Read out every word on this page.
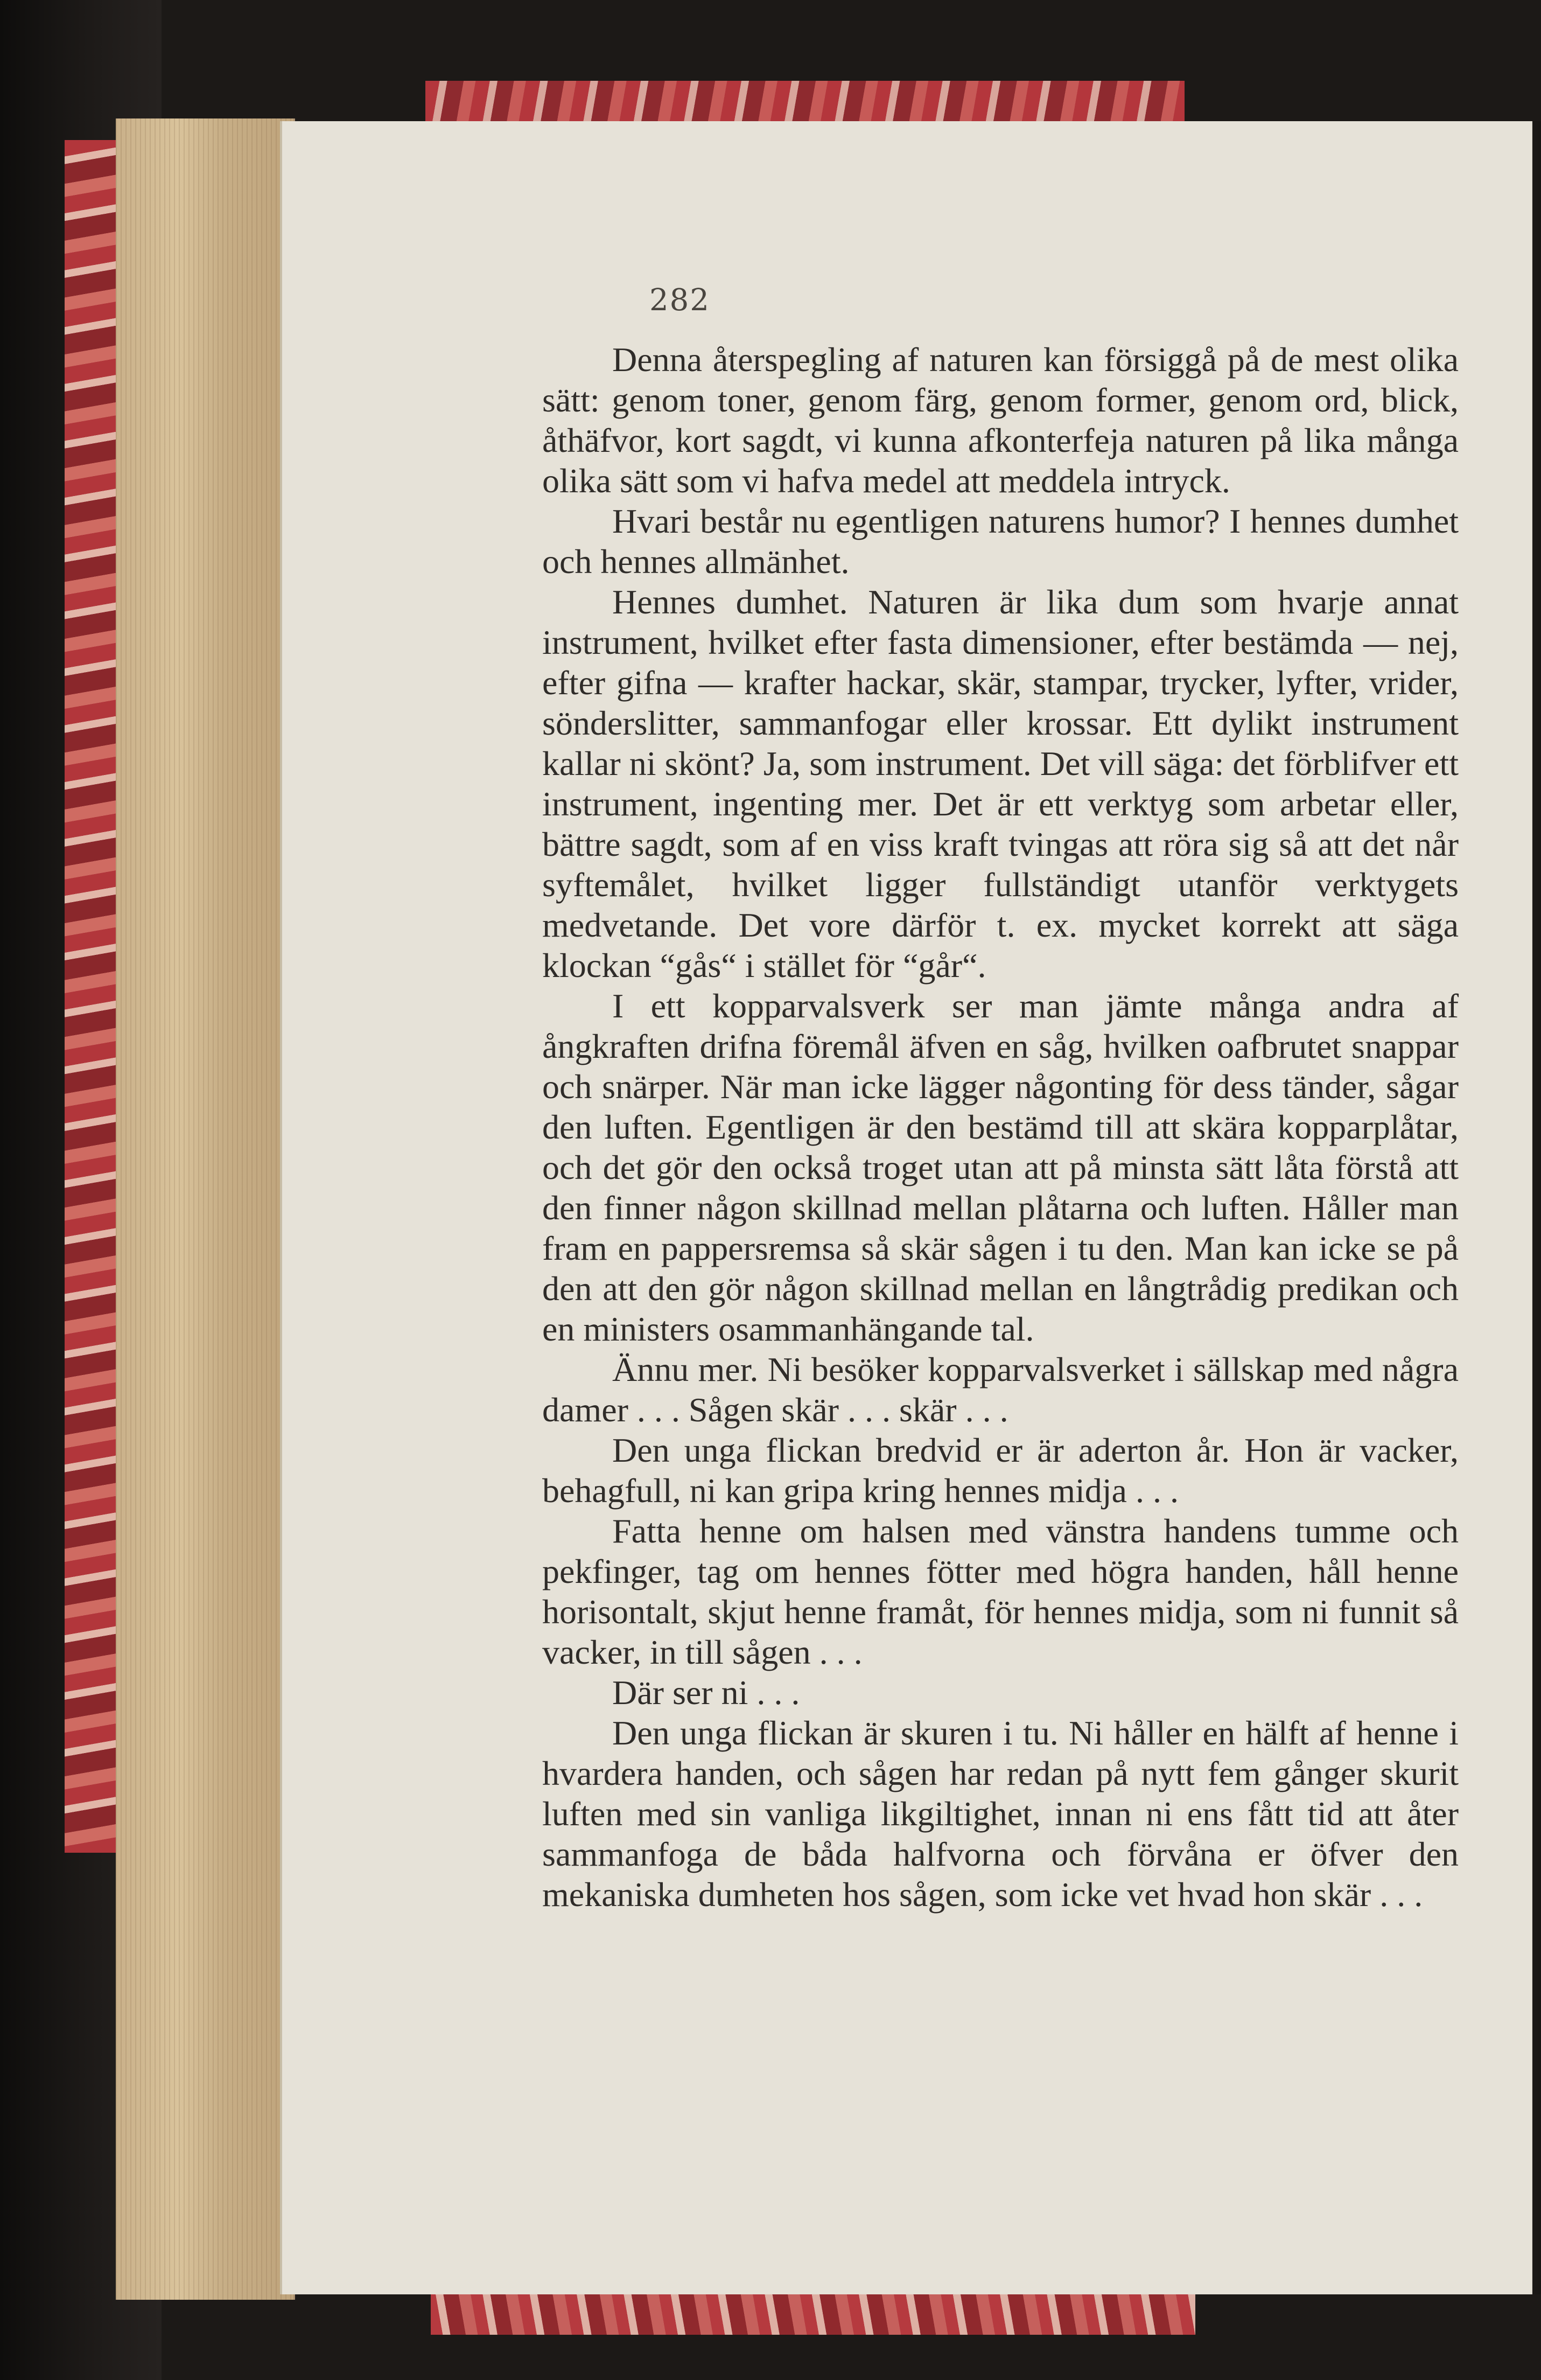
282

Denna återspegling af naturen kan försiggå på de mest olika sätt: genom toner, genom färg, genom former, genom ord, blick, åthäfvor, kort sagdt, vi kunna afkonterfeja naturen på lika många olika sätt som vi hafva medel att meddela intryck.

Hvari består nu egentligen naturens humor? I hennes dumhet och hennes allmänhet.

Hennes dumhet. Naturen är lika dum som hvarje annat instrument, hvilket efter fasta dimensioner, efter bestämda — nej, efter gifna — krafter hackar, skär, stampar, trycker, lyfter, vrider, sönderslitter, sammanfogar eller krossar. Ett dylikt instrument kallar ni skönt? Ja, som instrument. Det vill säga: det förblifver ett instrument, ingenting mer. Det är ett verktyg som arbetar eller, bättre sagdt, som af en viss kraft tvingas att röra sig så att det når syftemålet, hvilket ligger fullständigt utanför verktygets medvetande. Det vore därför t. ex. mycket korrekt att säga klockan “gås“ i stället för “går“.

I ett kopparvalsverk ser man jämte många andra af ångkraften drifna föremål äfven en såg, hvilken oafbrutet snappar och snärper. När man icke lägger någonting för dess tänder, sågar den luften. Egentligen är den bestämd till att skära kopparplåtar, och det gör den också troget utan att på minsta sätt låta förstå att den finner någon skillnad mellan plåtarna och luften. Håller man fram en pappersremsa så skär sågen i tu den. Man kan icke se på den att den gör någon skillnad mellan en långtrådig predikan och en ministers osammanhängande tal.

Ännu mer. Ni besöker kopparvalsverket i sällskap med några damer . . . Sågen skär . . . skär . . .

Den unga flickan bredvid er är aderton år. Hon är vacker, behagfull, ni kan gripa kring hennes midja . . .

Fatta henne om halsen med vänstra handens tumme och pekfinger, tag om hennes fötter med högra handen, håll henne horisontalt, skjut henne framåt, för hennes midja, som ni funnit så vacker, in till sågen . . .

Där ser ni . . .

Den unga flickan är skuren i tu. Ni håller en hälft af henne i hvardera handen, och sågen har redan på nytt fem gånger skurit luften med sin vanliga likgiltighet, innan ni ens fått tid att åter sammanfoga de båda halfvorna och förvåna er öfver den mekaniska dumheten hos sågen, som icke vet hvad hon skär . . .
